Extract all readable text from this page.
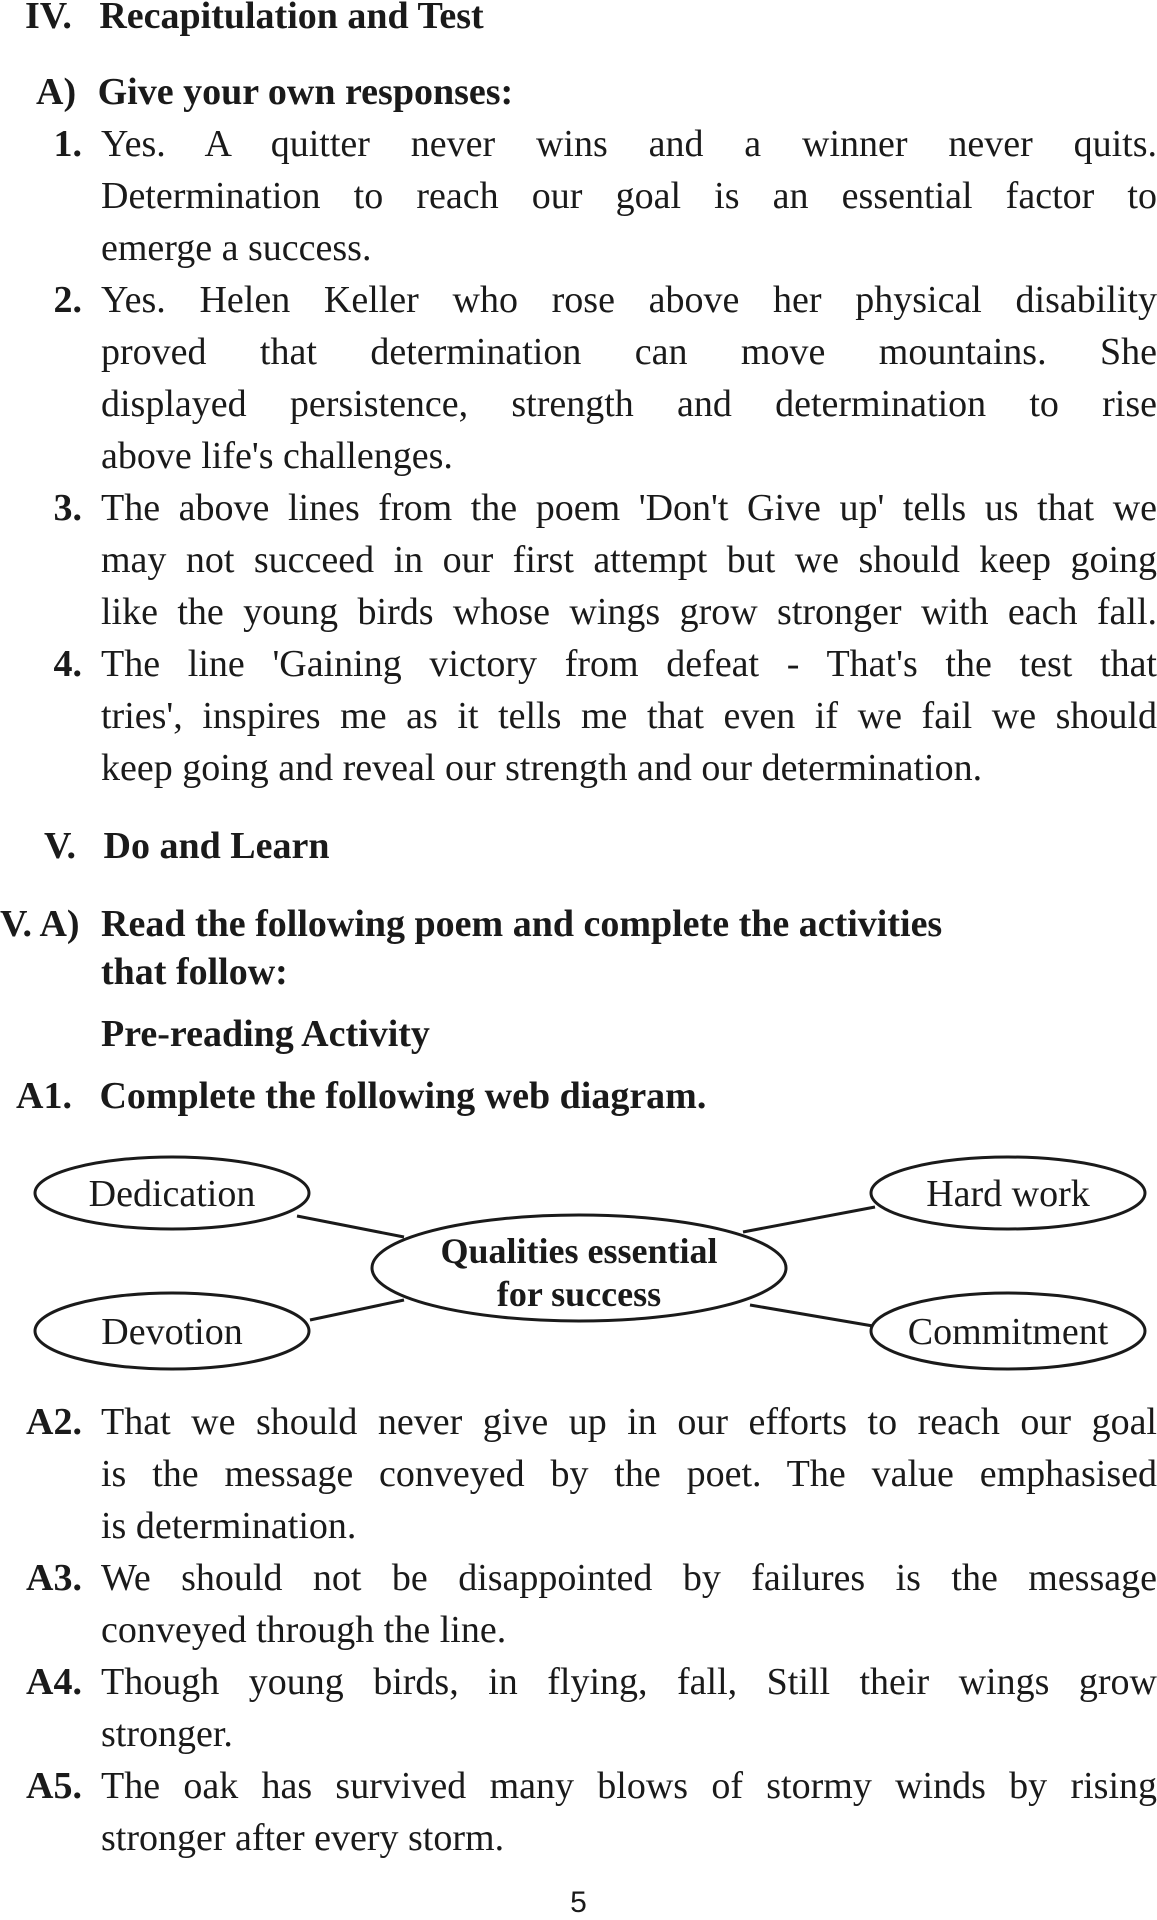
IV. Recapitulation and Test
A) Give your own responses:
1. Yes. A quitter never wins and a winner never quits.
Determination to reach our goal is an essential factor to
emerge a success.
2. Yes. Helen Keller who rose above her physical disability
proved that determination can move mountains. She
displayed persistence, strength and determination to rise
above life's challenges.
3. The above lines from the poem 'Don't Give up' tells us that we
may not succeed in our first attempt but we should keep going
like the young birds whose wings grow stronger with each fall.
4. The line 'Gaining victory from defeat - That's the test that
tries', inspires me as it tells me that even if we fail we should
keep going and reveal our strength and our determination.
V. Do and Learn
V. A) Read the following poem and complete the activities
that follow:
Pre-reading Activity
A1. Complete the following web diagram.
Dedication	Hard work
Devotion	Commitment
Qualities essential
for success
A2. That we should never give up in our efforts to reach our goal
is the message conveyed by the poet. The value emphasised
is determination.
A3. We should not be disappointed by failures is the message
conveyed through the line.
A4. Though young birds, in flying, fall, Still their wings grow
stronger.
A5. The oak has survived many blows of stormy winds by rising
stronger after every storm.
5
